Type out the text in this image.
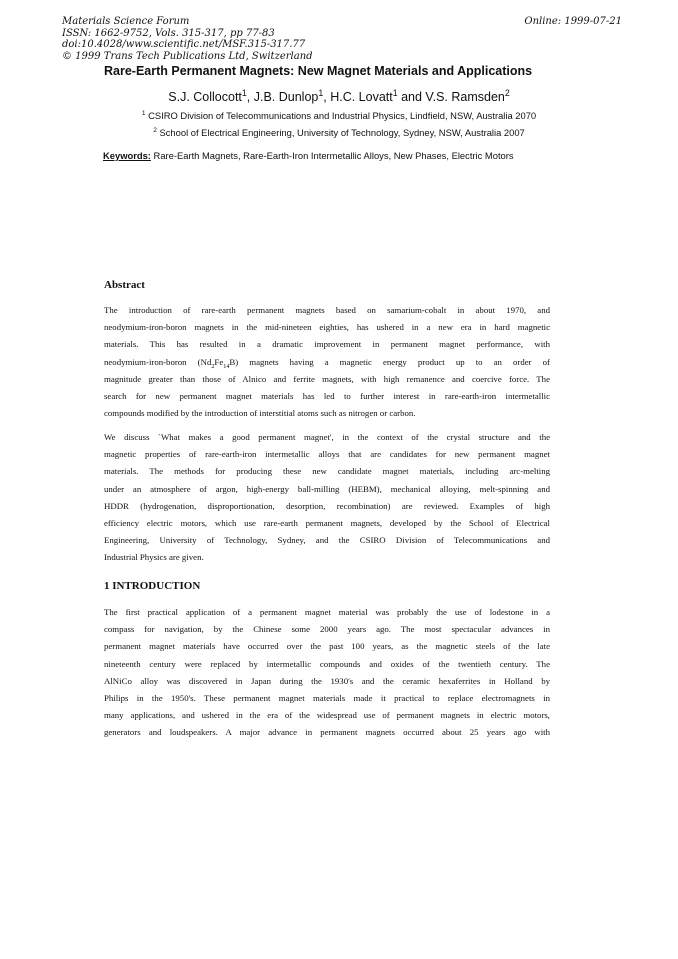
Materials Science Forum
ISSN: 1662-9752, Vols. 315-317, pp 77-83
doi:10.4028/www.scientific.net/MSF.315-317.77
© 1999 Trans Tech Publications Ltd, Switzerland
Online: 1999-07-21
Rare-Earth Permanent Magnets: New Magnet Materials and Applications
S.J. Collocott$^1$, J.B. Dunlop$^1$, H.C. Lovatt$^1$ and V.S. Ramsden$^2$
$^1$ CSIRO Division of Telecommunications and Industrial Physics, Lindfield, NSW, Australia 2070
$^2$ School of Electrical Engineering, University of Technology, Sydney, NSW, Australia 2007
Keywords: Rare-Earth Magnets, Rare-Earth-Iron Intermetallic Alloys, New Phases, Electric Motors
Abstract
The introduction of rare-earth permanent magnets based on samarium-cobalt in about 1970, and
neodymium-iron-boron magnets in the mid-nineteen eighties, has ushered in a new era in hard magnetic
materials. This has resulted in a dramatic improvement in permanent magnet performance, with
neodymium-iron-boron $(Nd_2Fe_{14}B)$ magnets having a magnetic energy product up to an order of
magnitude greater than those of Alnico and ferrite magnets, with high remanence and coercive force. The
search for new permanent magnet materials has led to further interest in rare-earth-iron intermetallic
compounds modified by the introduction of interstitial atoms such as nitrogen or carbon.
We discuss `What makes a good permanent magnet', in the context of the crystal structure and the
magnetic properties of rare-earth-iron intermetallic alloys that are candidates for new permanent magnet
materials. The methods for producing these new candidate magnet materials, including arc-melting
under an atmosphere of argon, high-energy ball-milling (HEBM), mechanical alloying, melt-spinning and
HDDR (hydrogenation, disproportionation, desorption, recombination) are reviewed. Examples of high
efficiency electric motors, which use rare-earth permanent magnets, developed by the School of Electrical
Engineering, University of Technology, Sydney, and the CSIRO Division of Telecommunications and
Industrial Physics are given.
1 INTRODUCTION
The first practical application of a permanent magnet material was probably the use of lodestone in a
compass for navigation, by the Chinese some 2000 years ago. The most spectacular advances in
permanent magnet materials have occurred over the past 100 years, as the magnetic steels of the late
nineteenth century were replaced by intermetallic compounds and oxides of the twentieth century. The
AlNiCo alloy was discovered in Japan during the 1930's and the ceramic hexaferrites in Holland by
Philips in the 1950's. These permanent magnet materials made it practical to replace electromagnets in
many applications, and ushered in the era of the widespread use of permanent magnets in electric motors,
generators and loudspeakers. A major advance in permanent magnets occurred about 25 years ago with
